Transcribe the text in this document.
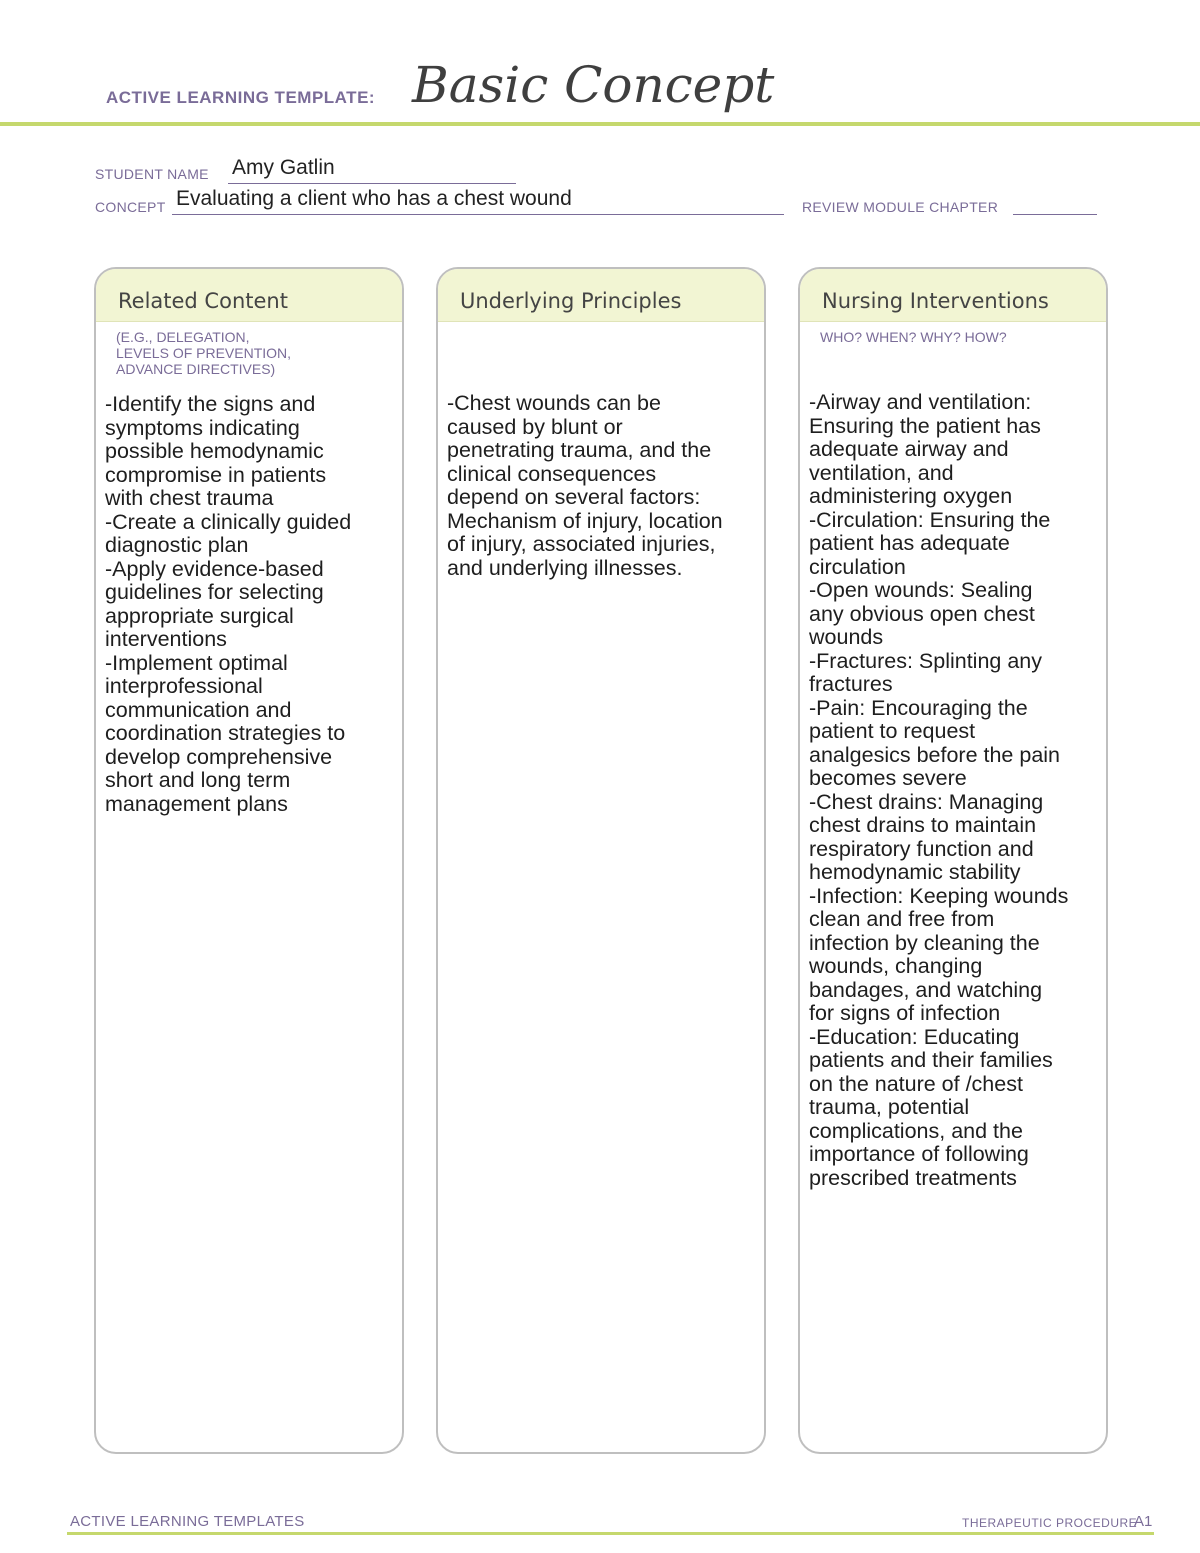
ACTIVE LEARNING TEMPLATE: Basic Concept
STUDENT NAME Amy Gatlin
CONCEPT Evaluating a client who has a chest wound	REVIEW MODULE CHAPTER
Related Content
(E.G., DELEGATION,
LEVELS OF PREVENTION,
ADVANCE DIRECTIVES)
-Identify the signs and
symptoms indicating
possible hemodynamic
compromise in patients
with chest trauma
-Create a clinically guided
diagnostic plan
-Apply evidence-based
guidelines for selecting
appropriate surgical
interventions
-Implement optimal
interprofessional
communication and
coordination strategies to
develop comprehensive
short and long term
management plans
Underlying Principles
-Chest wounds can be
caused by blunt or
penetrating trauma, and the
clinical consequences
depend on several factors:
Mechanism of injury, location
of injury, associated injuries,
and underlying illnesses.
Nursing Interventions
WHO? WHEN? WHY? HOW?
-Airway and ventilation:
Ensuring the patient has
adequate airway and
ventilation, and
administering oxygen
-Circulation: Ensuring the
patient has adequate
circulation
-Open wounds: Sealing
any obvious open chest
wounds
-Fractures: Splinting any
fractures
-Pain: Encouraging the
patient to request
analgesics before the pain
becomes severe
-Chest drains: Managing
chest drains to maintain
respiratory function and
hemodynamic stability
-Infection: Keeping wounds
clean and free from
infection by cleaning the
wounds, changing
bandages, and watching
for signs of infection
-Education: Educating
patients and their families
on the nature of /chest
trauma, potential
complications, and the
importance of following
prescribed treatments
ACTIVE LEARNING TEMPLATES	THERAPEUTIC PROCEDURE
A1
